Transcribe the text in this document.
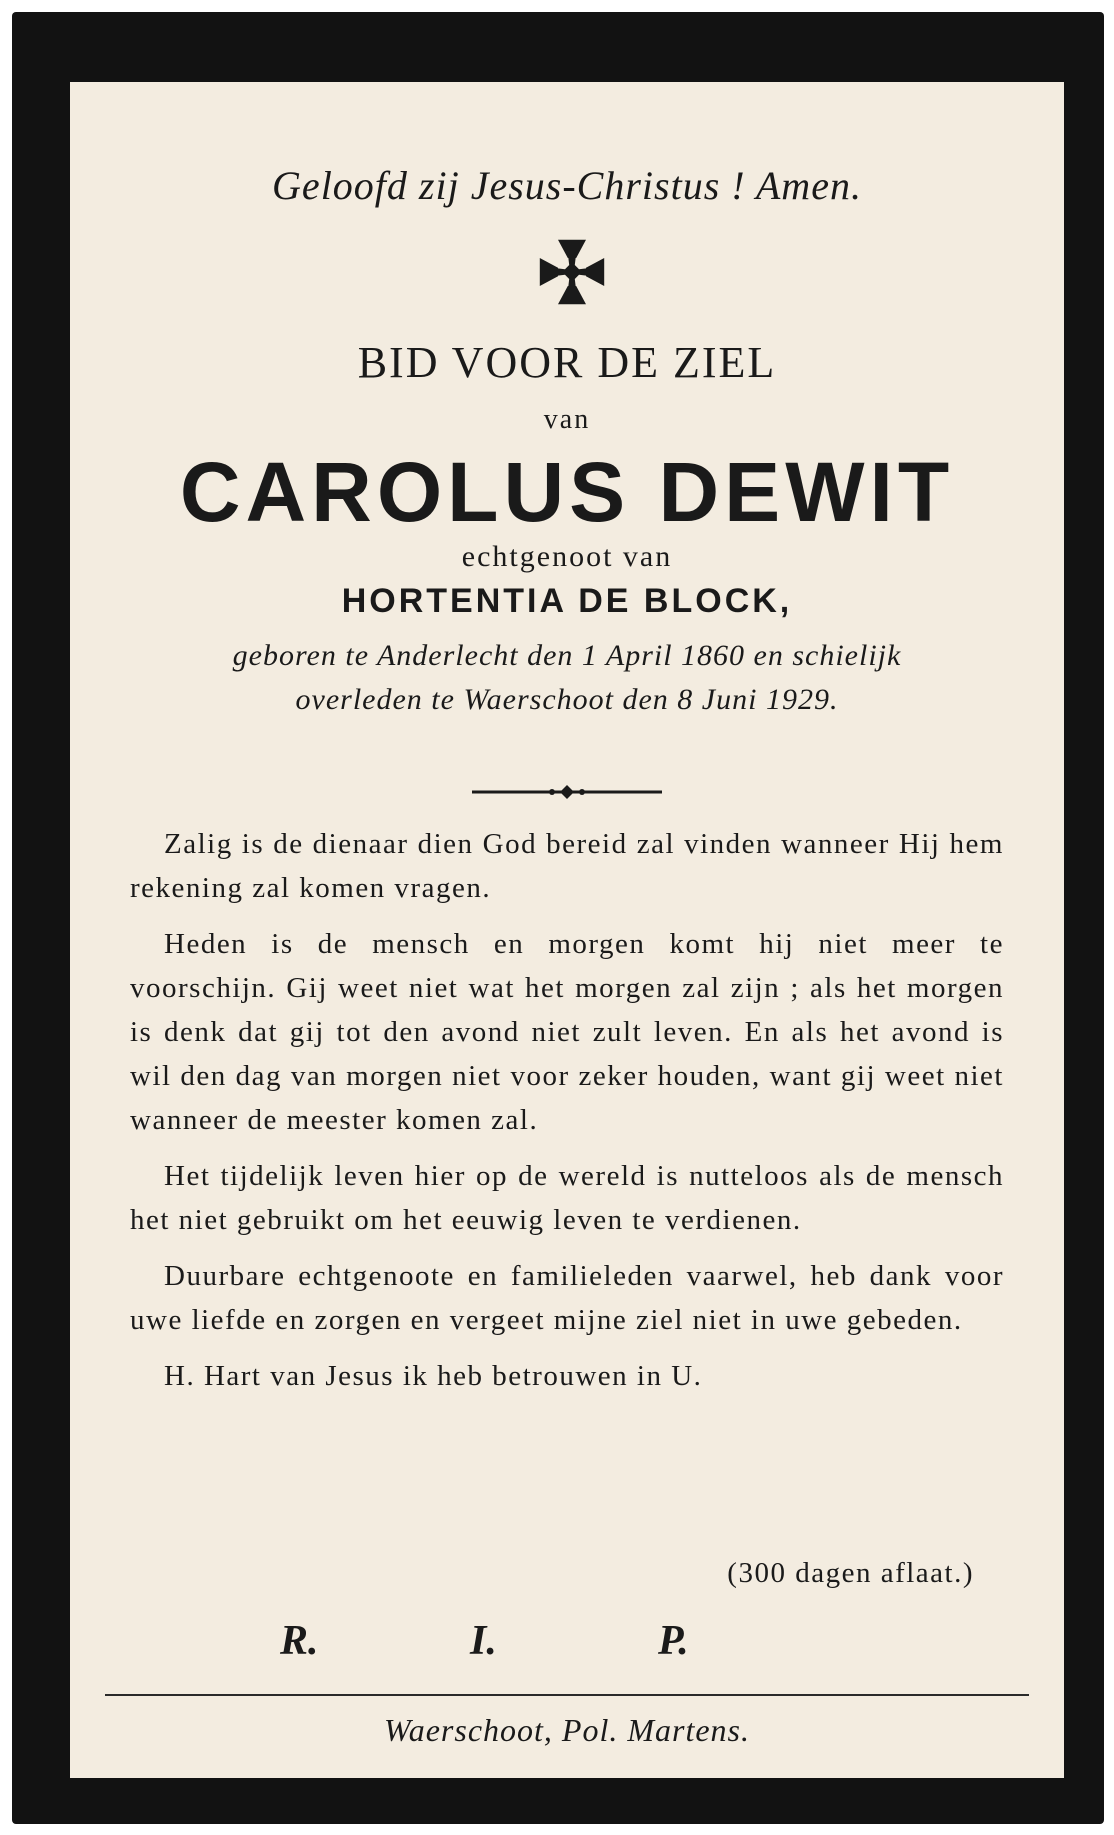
Geloofd zij Jesus-Christus ! Amen.
BID VOOR DE ZIEL
van
CAROLUS DEWIT
echtgenoot van
HORTENTIA DE BLOCK,
geboren te Anderlecht den 1 April 1860 en schielijk
overleden te Waerschoot den 8 Juni 1929.

Zalig is de dienaar dien God bereid zal vinden wanneer Hij hem rekening zal komen vragen.

Heden is de mensch en morgen komt hij niet meer te voorschijn. Gij weet niet wat het morgen zal zijn ; als het morgen is denk dat gij tot den avond niet zult leven. En als het avond is wil den dag van morgen niet voor zeker houden, want gij weet niet wanneer de meester komen zal.

Het tijdelijk leven hier op de wereld is nutteloos als de mensch het niet gebruikt om het eeuwig leven te verdienen.

Duurbare echtgenoote en familieleden vaarwel, heb dank voor uwe liefde en zorgen en vergeet mijne ziel niet in uwe gebeden.

H. Hart van Jesus ik heb betrouwen in U.

(300 dagen aflaat.)
R.	I.	P.
Waerschoot, Pol. Martens.
